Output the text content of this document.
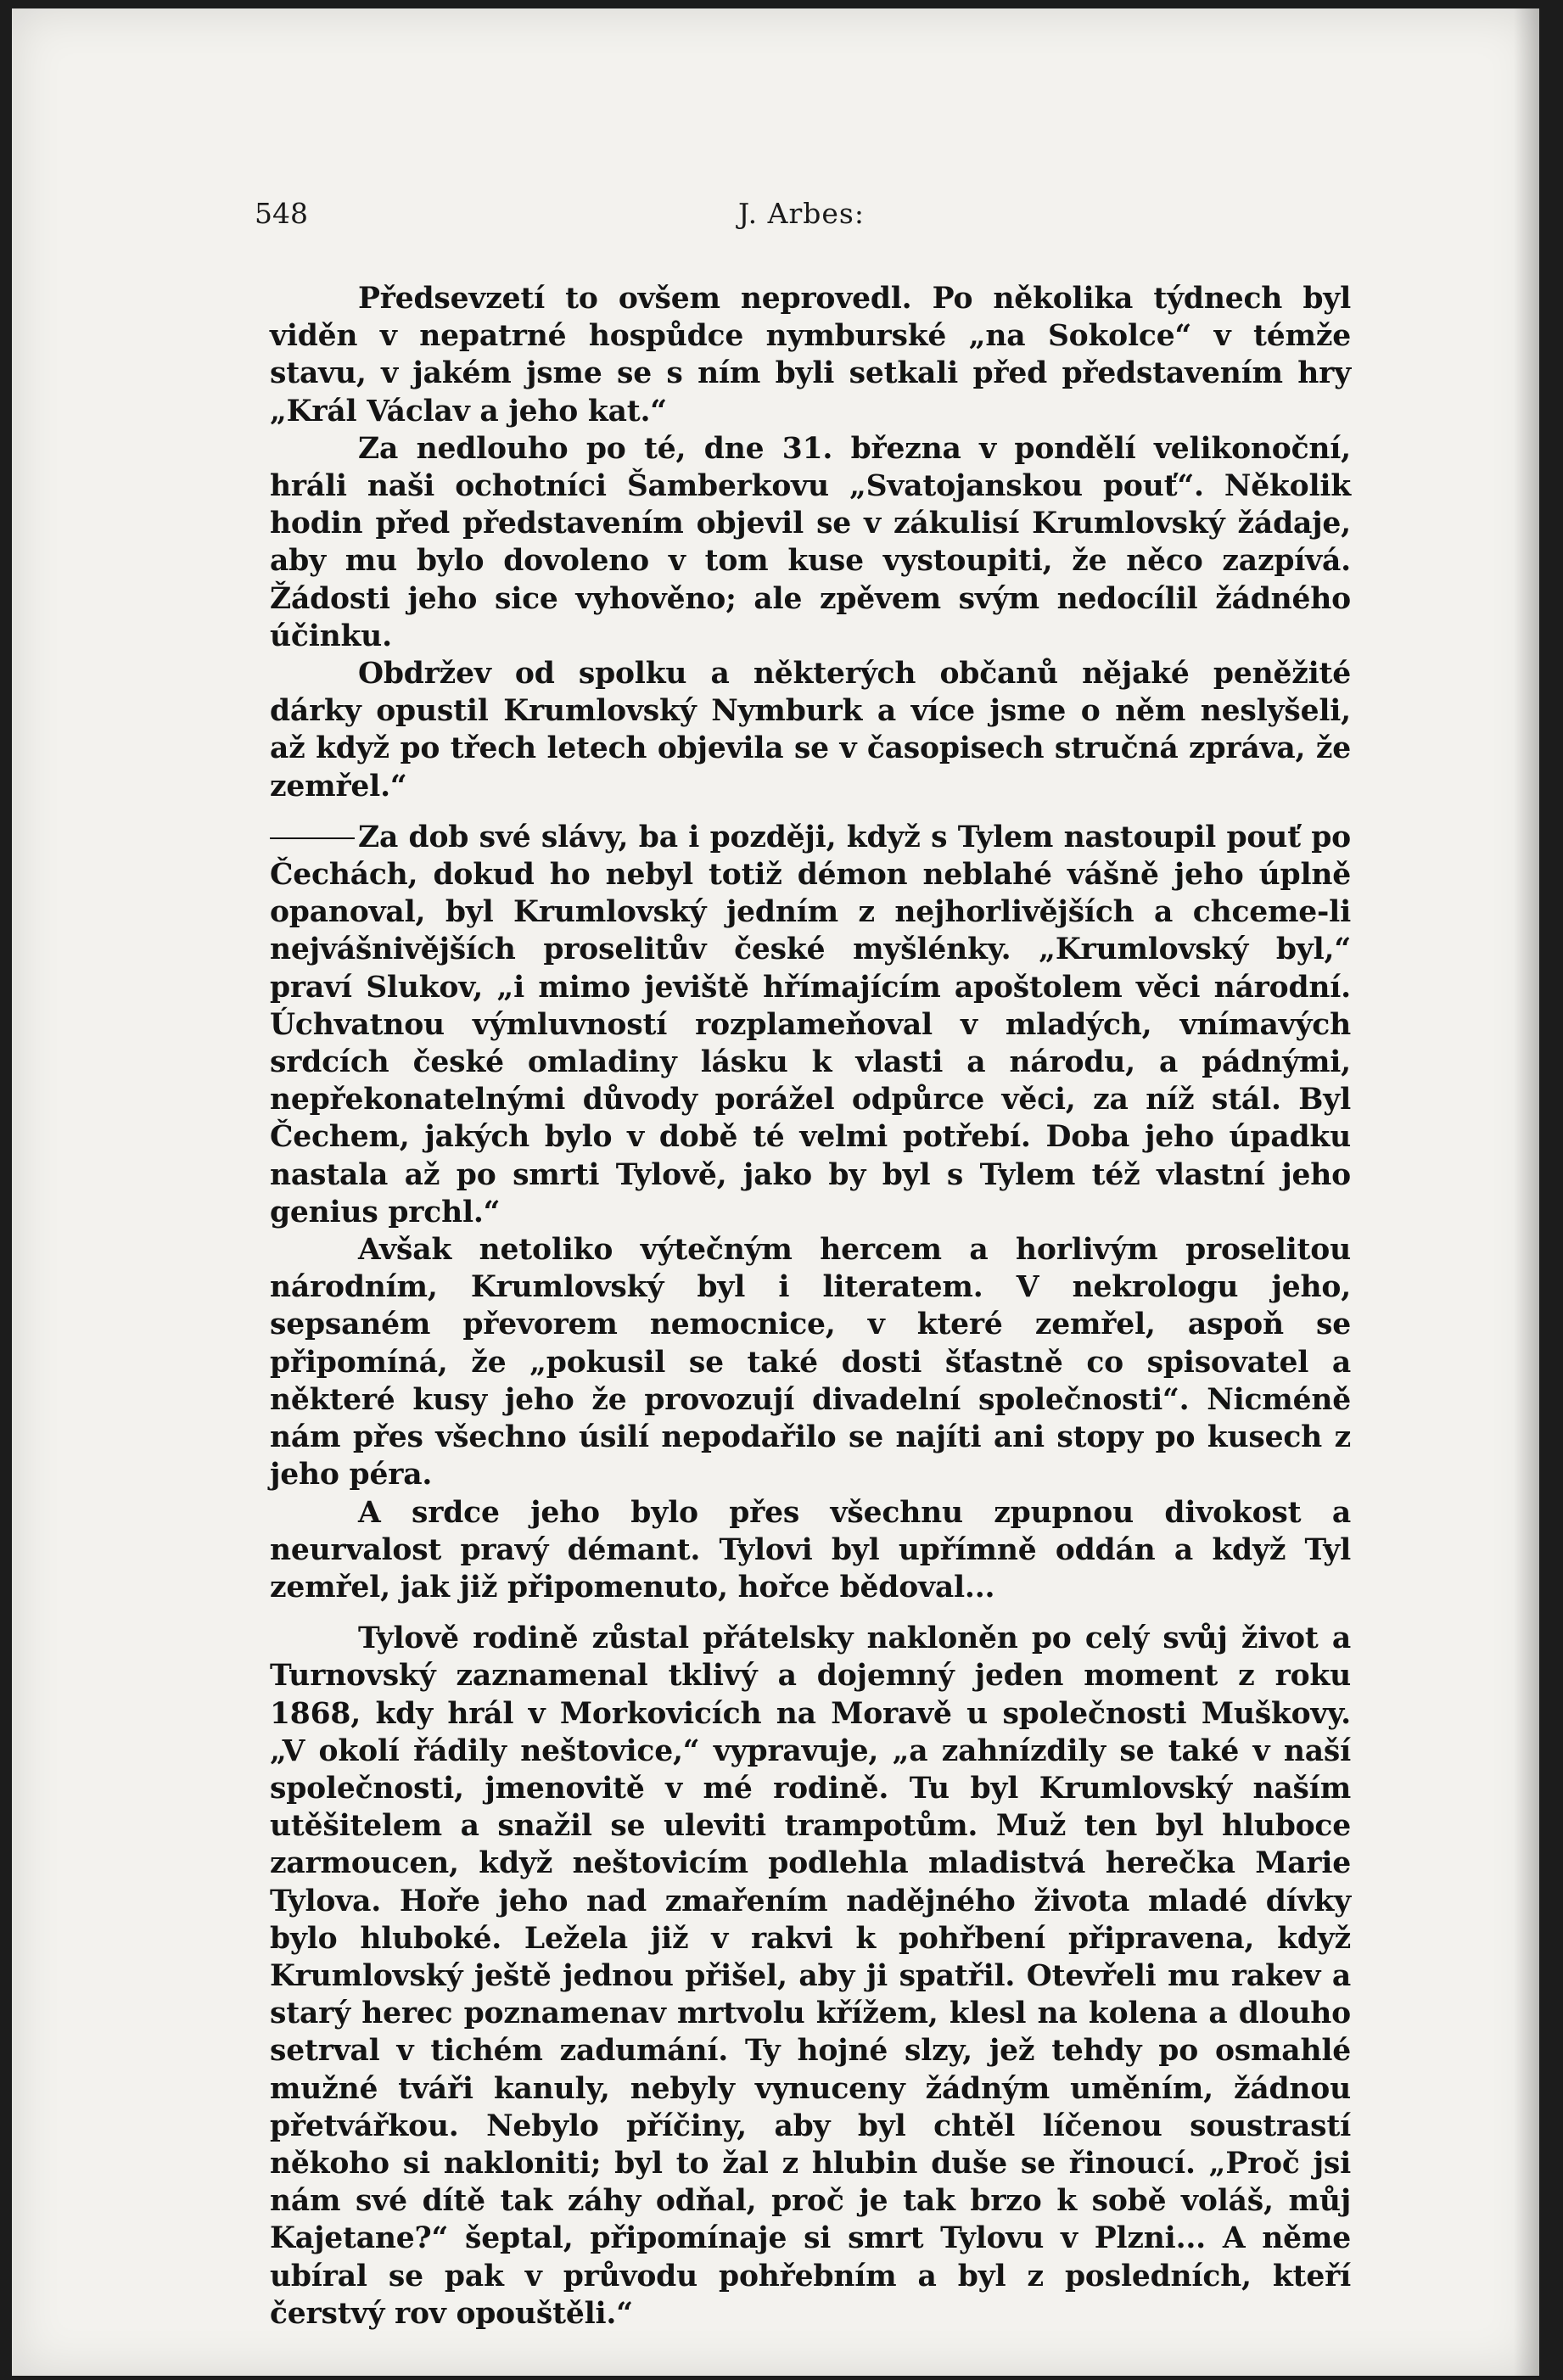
548	J. Arbes:

Předsevzetí to ovšem neprovedl. Po několika týdnech byl viděn v nepatrné hospůdce nymburské „na Sokolce“ v témže stavu, v jakém jsme se s ním byli setkali před představením hry „Král Václav a jeho kat.“

Za nedlouho po té, dne 31. března v pondělí velikonoční, hráli naši ochotníci Šamberkovu „Svatojanskou pouť“. Několik hodin před představením objevil se v zákulisí Krumlovský žádaje, aby mu bylo dovoleno v tom kuse vystoupiti, že něco zazpívá. Žádosti jeho sice vyhověno; ale zpěvem svým nedocílil žádného účinku.

Obdržev od spolku a některých občanů nějaké peněžité dárky opustil Krumlovský Nymburk a více jsme o něm neslyšeli, až když po třech letech objevila se v časopisech stručná zpráva, že zemřel.“

Za dob své slávy, ba i později, když s Tylem nastoupil pouť po Čechách, dokud ho nebyl totiž démon neblahé vášně jeho úplně opanoval, byl Krumlovský jedním z nejhorlivějších a chceme-li nejvášnivějších proselitův české myšlénky. „Krumlovský byl,“ praví Slukov, „i mimo jeviště hřímajícím apoštolem věci národní. Úchvatnou výmluvností rozplameňoval v mladých, vnímavých srdcích české omladiny lásku k vlasti a národu, a pádnými, nepřekonatelnými důvody porážel odpůrce věci, za níž stál. Byl Čechem, jakých bylo v době té velmi potřebí. Doba jeho úpadku nastala až po smrti Tylově, jako by byl s Tylem též vlastní jeho genius prchl.“

Avšak netoliko výtečným hercem a horlivým proselitou národním, Krumlovský byl i literatem. V nekrologu jeho, sepsaném převorem nemocnice, v které zemřel, aspoň se připomíná, že „pokusil se také dosti šťastně co spisovatel a některé kusy jeho že provozují divadelní společnosti“. Nicméně nám přes všechno úsilí nepodařilo se najíti ani stopy po kusech z jeho péra.

A srdce jeho bylo přes všechnu zpupnou divokost a neurvalost pravý démant. Tylovi byl upřímně oddán a když Tyl zemřel, jak již připomenuto, hořce bědoval...

Tylově rodině zůstal přátelsky nakloněn po celý svůj život a Turnovský zaznamenal tklivý a dojemný jeden moment z roku 1868, kdy hrál v Morkovicích na Moravě u společnosti Muškovy. „V okolí řádily neštovice,“ vypravuje, „a zahnízdily se také v naší společnosti, jmenovitě v mé rodině. Tu byl Krumlovský naším utěšitelem a snažil se uleviti trampotům. Muž ten byl hluboce zarmoucen, když neštovicím podlehla mladistvá herečka Marie Tylova. Hoře jeho nad zmařením nadějného života mladé dívky bylo hluboké. Ležela již v rakvi k pohřbení připravena, když Krumlovský ještě jednou přišel, aby ji spatřil. Otevřeli mu rakev a starý herec poznamenav mrtvolu křížem, klesl na kolena a dlouho setrval v tichém zadumání. Ty hojné slzy, jež tehdy po osmahlé mužné tváři kanuly, nebyly vynuceny žádným uměním, žádnou přetvářkou. Nebylo příčiny, aby byl chtěl líčenou soustrastí někoho si nakloniti; byl to žal z hlubin duše se řinoucí. „Proč jsi nám své dítě tak záhy odňal, proč je tak brzo k sobě voláš, můj Kajetane?“ šeptal, připomínaje si smrt Tylovu v Plzni... A něme ubíral se pak v průvodu pohřebním a byl z posledních, kteří čerstvý rov opouštěli.“
